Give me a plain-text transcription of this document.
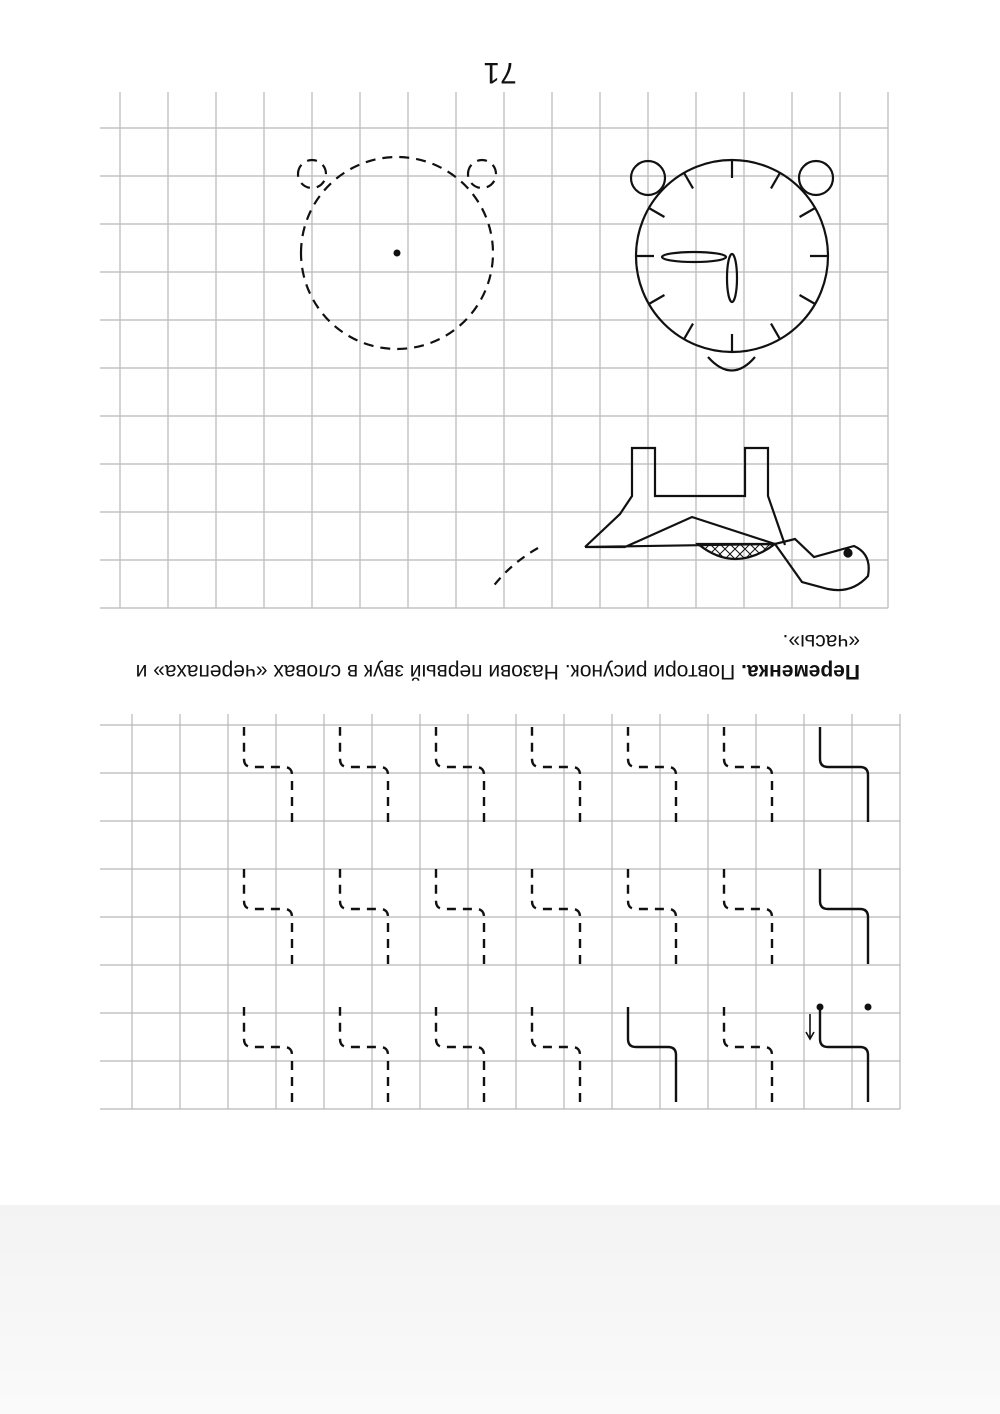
71
Переменка. Повтори рисунок. Назови первый звук в словах «черепаха» и «часы».
